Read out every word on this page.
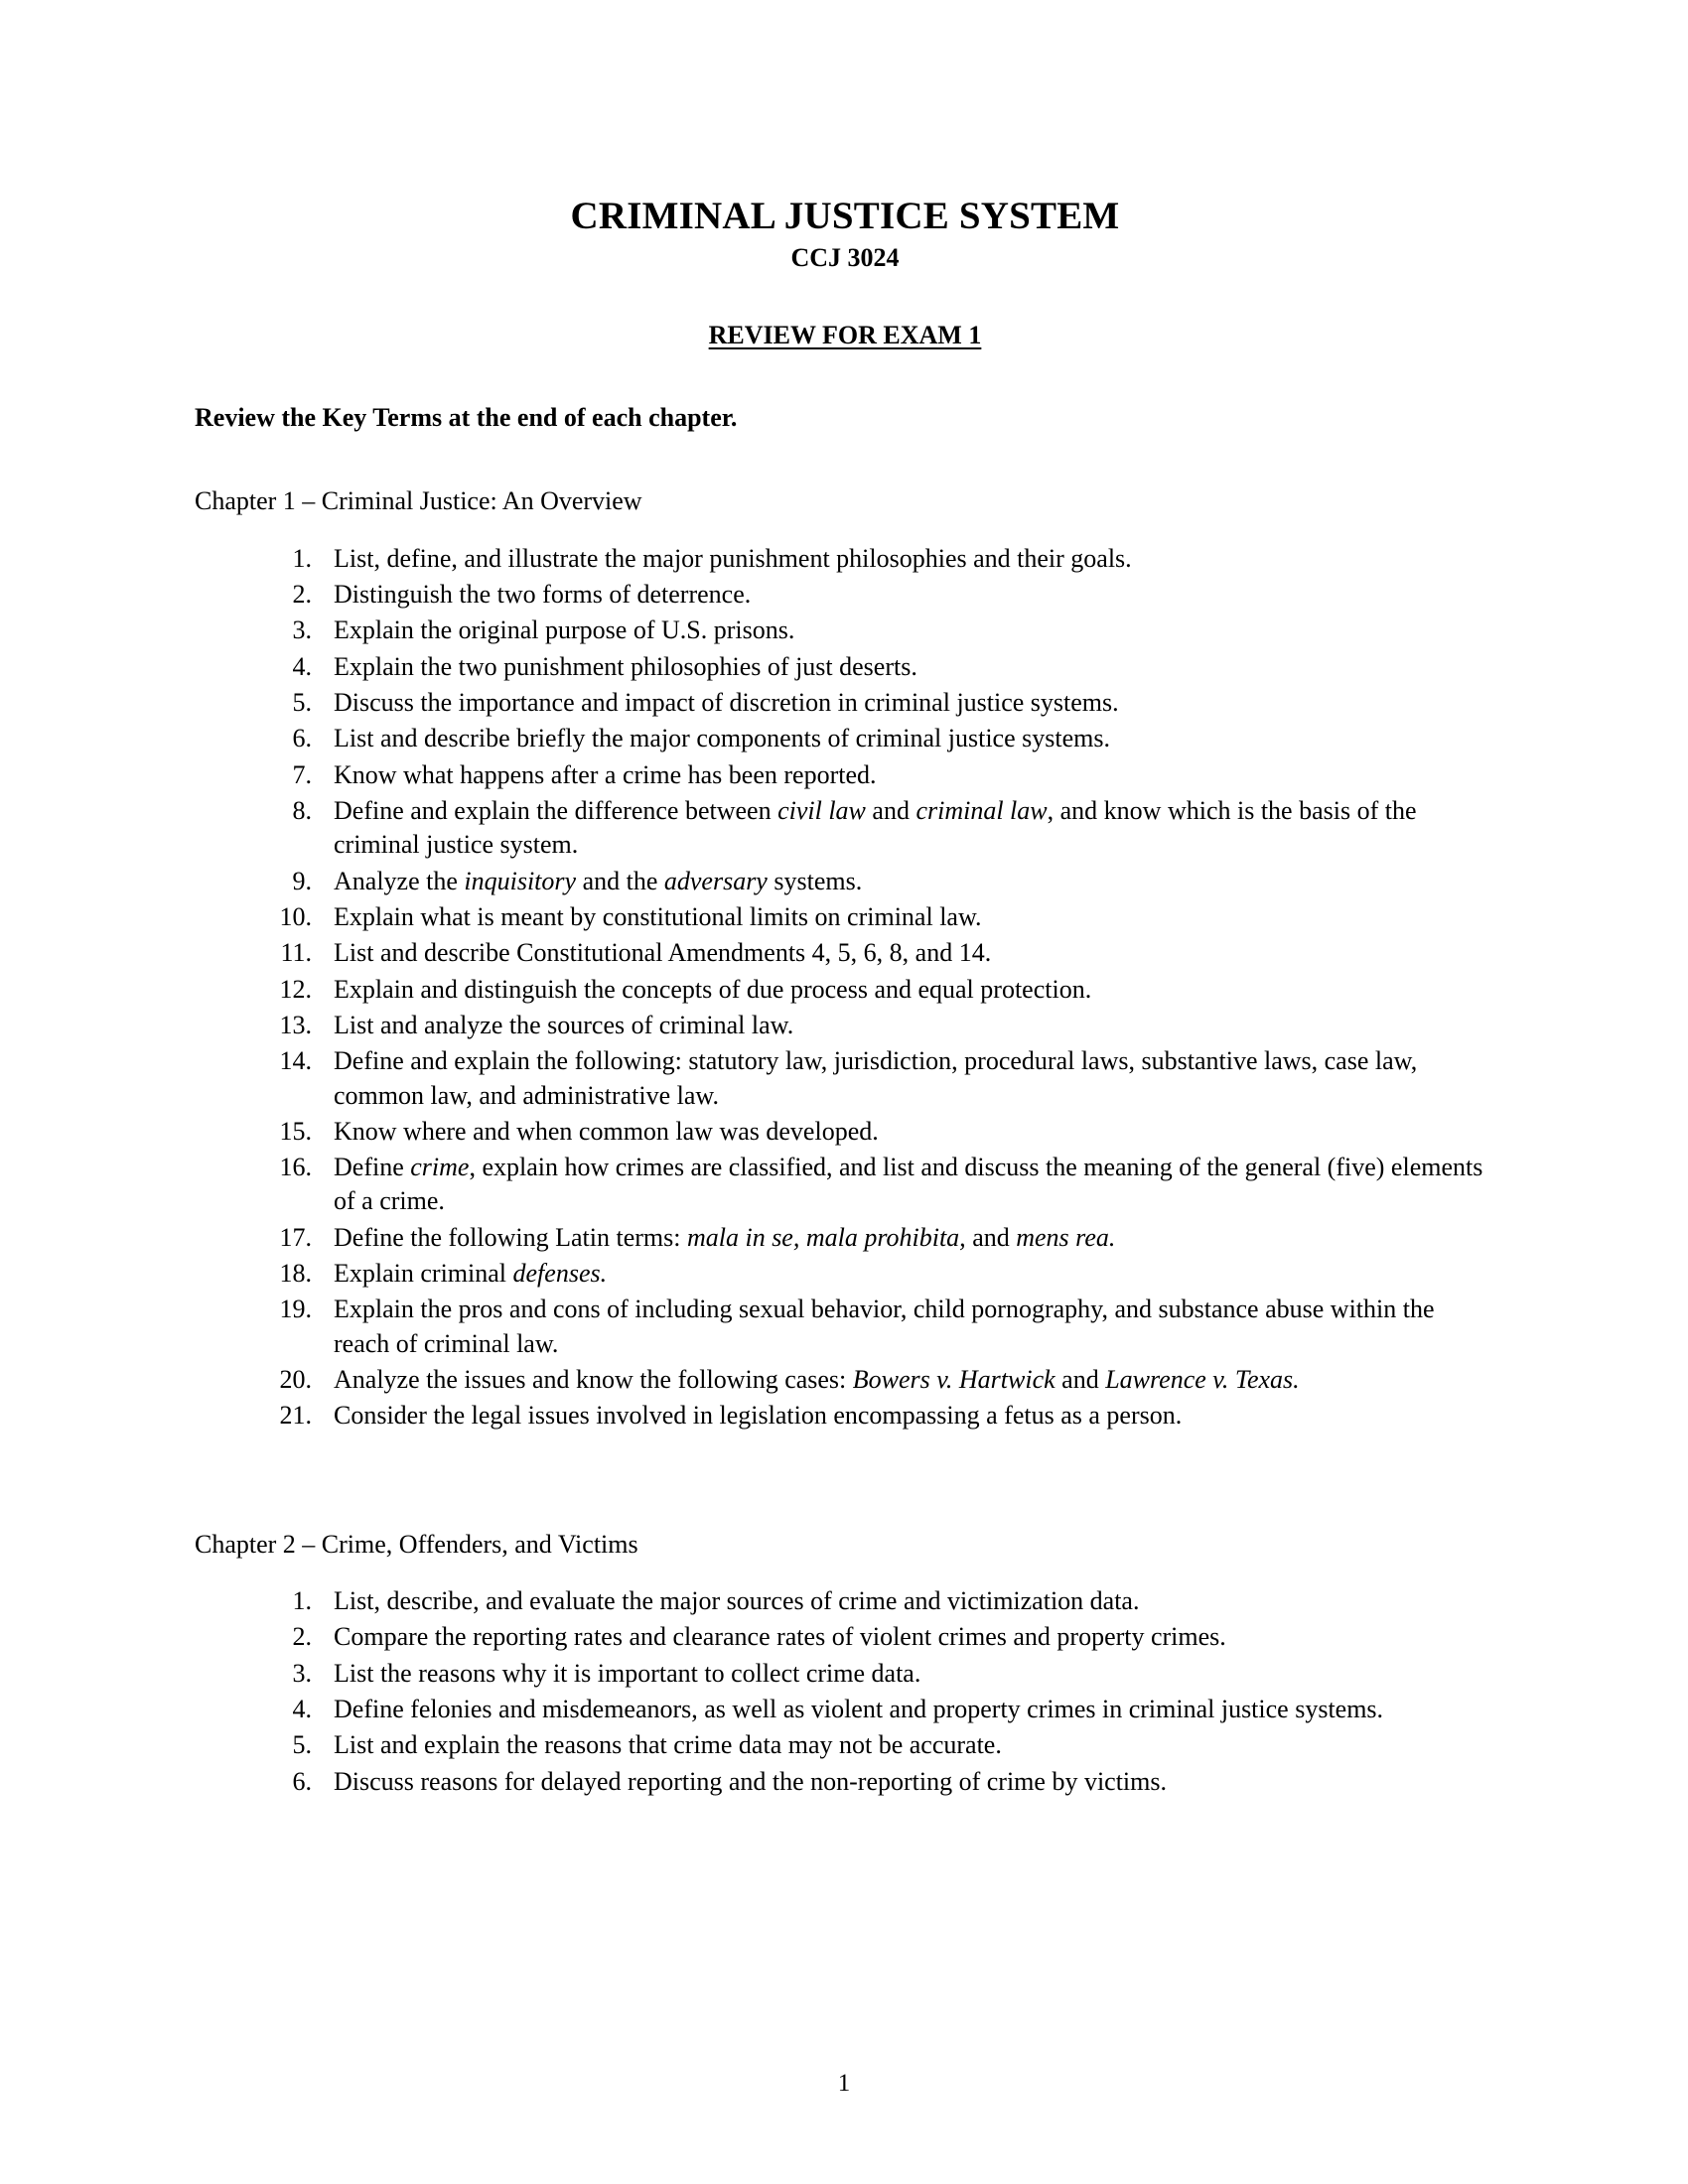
CRIMINAL JUSTICE SYSTEM
CCJ 3024
REVIEW FOR EXAM 1
Review the Key Terms at the end of each chapter.
Chapter 1 – Criminal Justice: An Overview
1. List, define, and illustrate the major punishment philosophies and their goals.
2. Distinguish the two forms of deterrence.
3. Explain the original purpose of U.S. prisons.
4. Explain the two punishment philosophies of just deserts.
5. Discuss the importance and impact of discretion in criminal justice systems.
6. List and describe briefly the major components of criminal justice systems.
7. Know what happens after a crime has been reported.
8. Define and explain the difference between civil law and criminal law, and know which is the basis of the criminal justice system.
9. Analyze the inquisitory and the adversary systems.
10. Explain what is meant by constitutional limits on criminal law.
11. List and describe Constitutional Amendments 4, 5, 6, 8, and 14.
12. Explain and distinguish the concepts of due process and equal protection.
13. List and analyze the sources of criminal law.
14. Define and explain the following: statutory law, jurisdiction, procedural laws, substantive laws, case law, common law, and administrative law.
15. Know where and when common law was developed.
16. Define crime, explain how crimes are classified, and list and discuss the meaning of the general (five) elements of a crime.
17. Define the following Latin terms: mala in se, mala prohibita, and mens rea.
18. Explain criminal defenses.
19. Explain the pros and cons of including sexual behavior, child pornography, and substance abuse within the reach of criminal law.
20. Analyze the issues and know the following cases: Bowers v. Hartwick and Lawrence v. Texas.
21. Consider the legal issues involved in legislation encompassing a fetus as a person.
Chapter 2 – Crime, Offenders, and Victims
1. List, describe, and evaluate the major sources of crime and victimization data.
2. Compare the reporting rates and clearance rates of violent crimes and property crimes.
3. List the reasons why it is important to collect crime data.
4. Define felonies and misdemeanors, as well as violent and property crimes in criminal justice systems.
5. List and explain the reasons that crime data may not be accurate.
6. Discuss reasons for delayed reporting and the non-reporting of crime by victims.
1
